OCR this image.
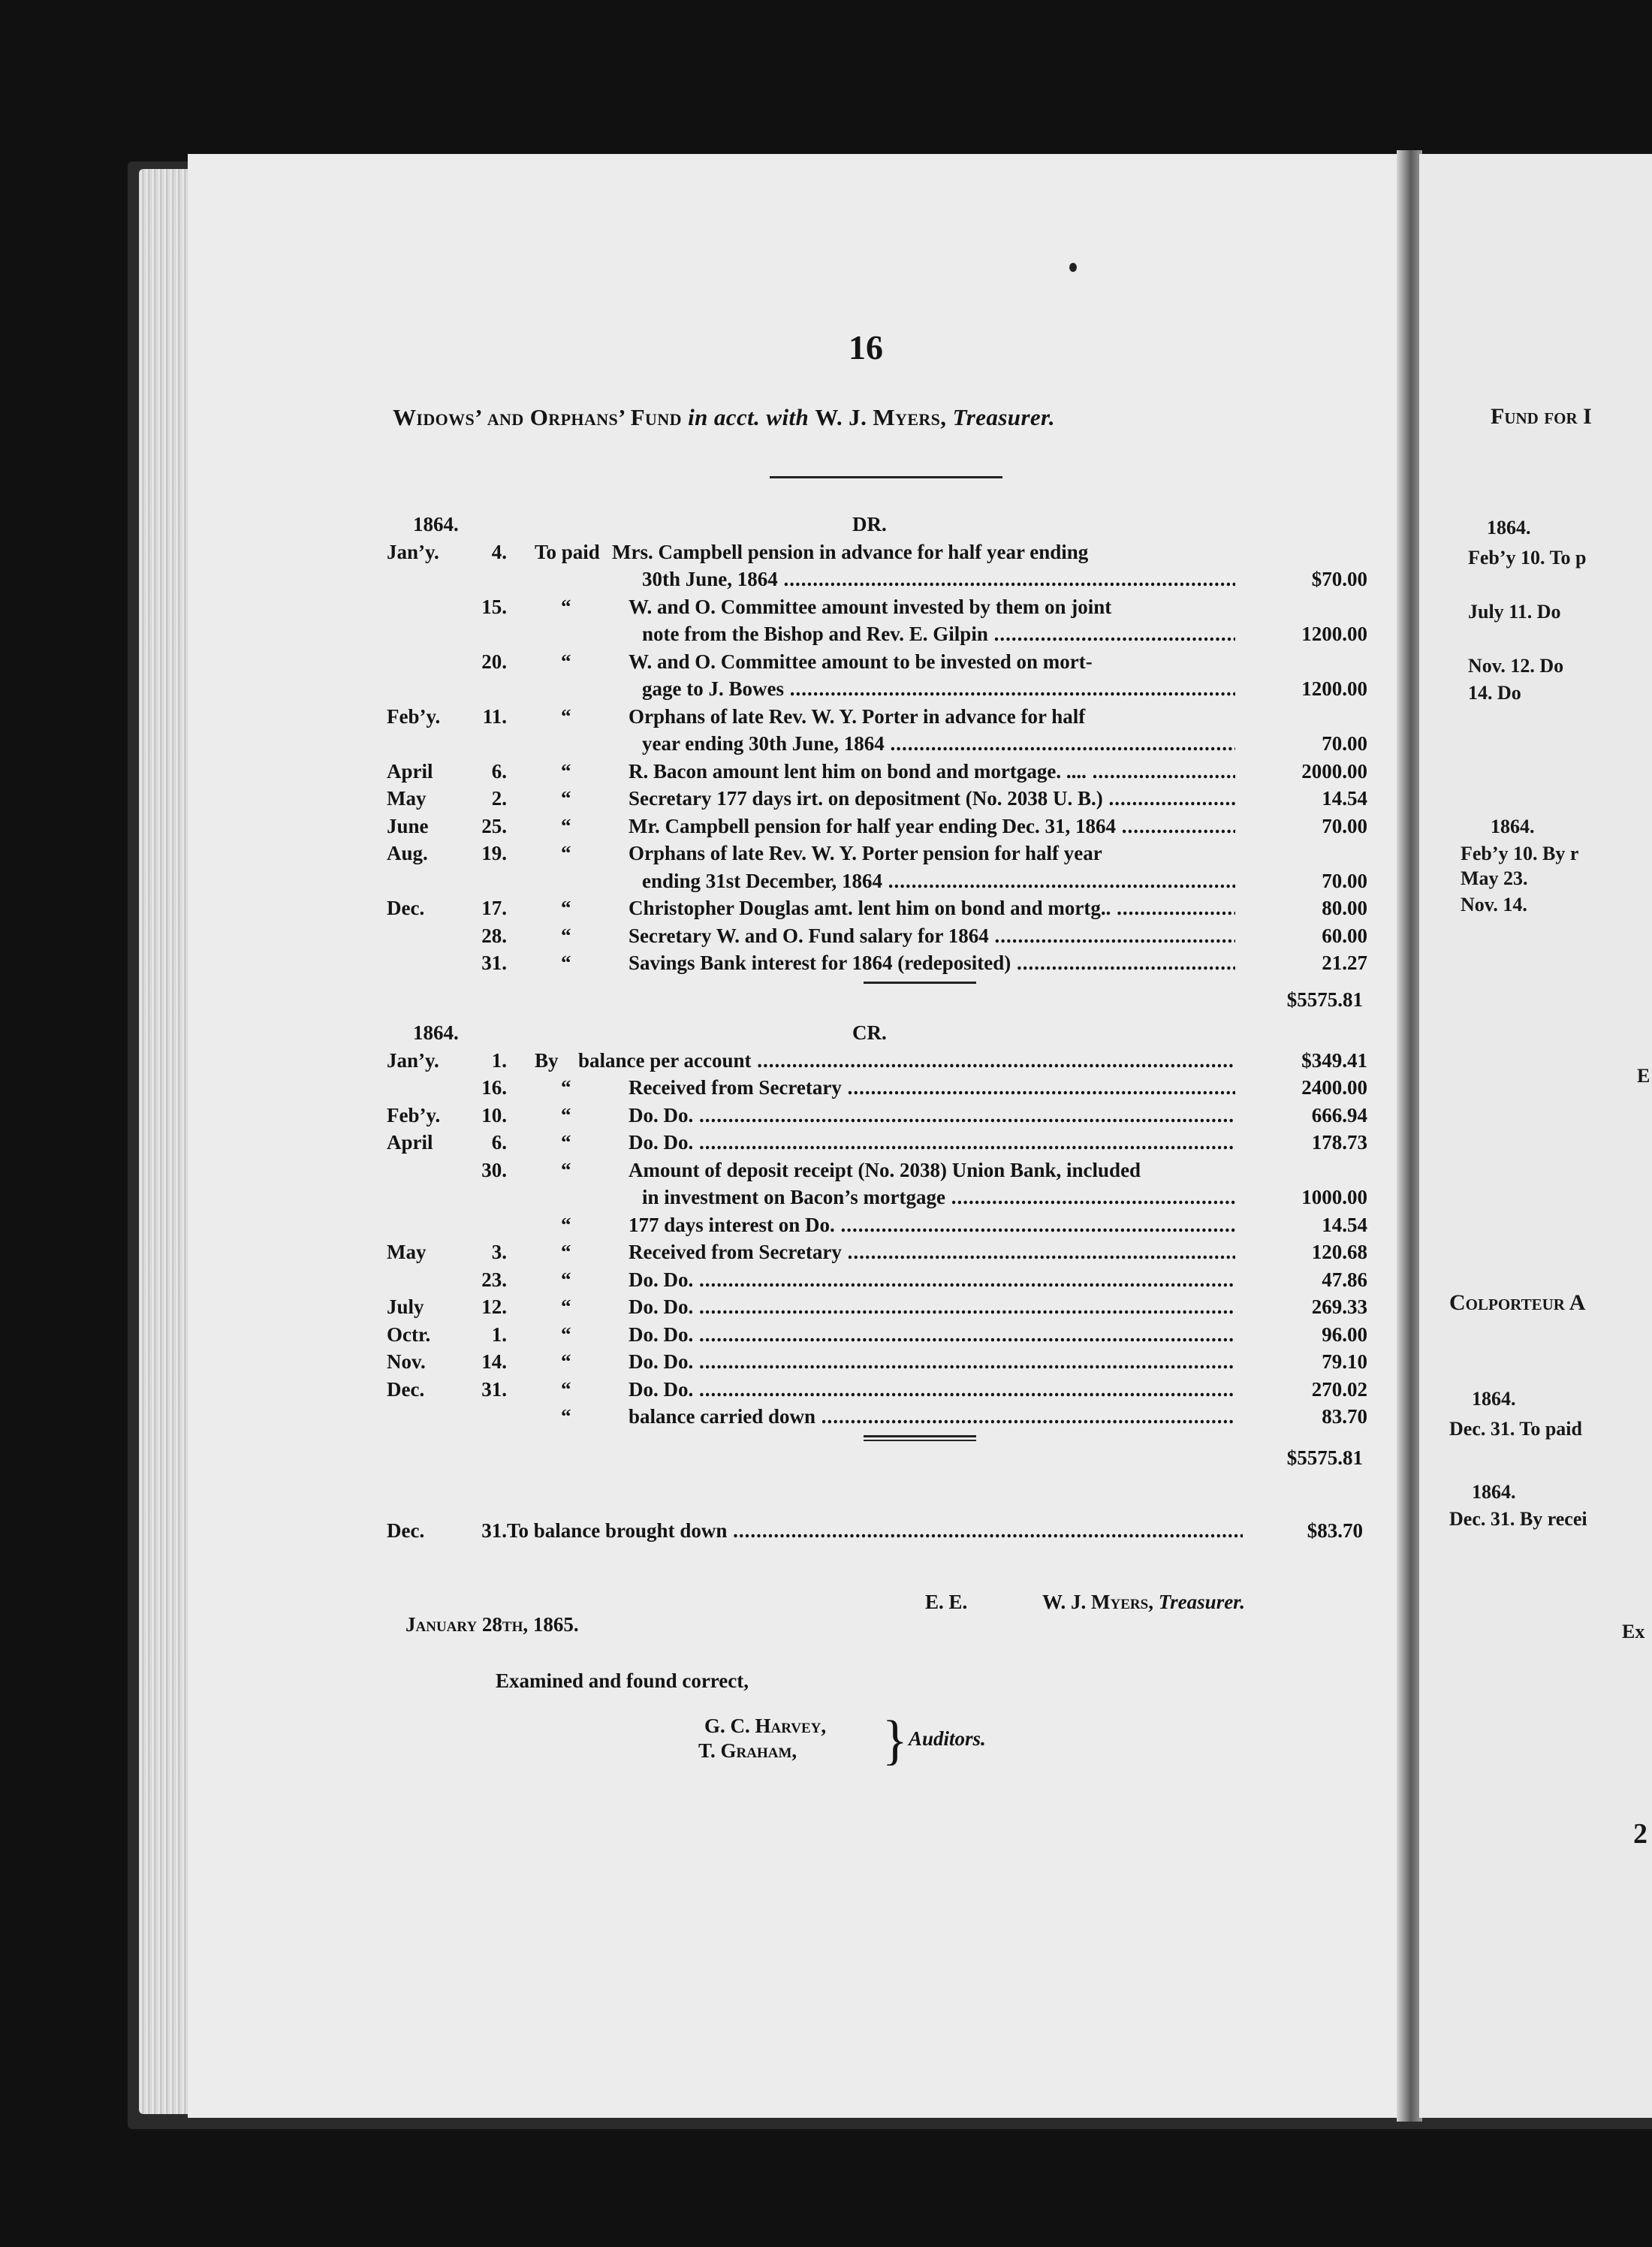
16
Widows’ and Orphans’ Fund in acct. with W. J. Myers, Treasurer.
1864.	DR.
Jan’y.	4. To paid Mrs. Campbell pension in advance for half year ending
30th June, 1864 .....	$70.00
15.	“	W. and O. Committee amount invested by them on joint
note from the Bishop and Rev. E. Gilpin .....	1200.00
20.	“	W. and O. Committee amount to be invested on mort-
gage to J. Bowes .....	1200.00
Feb’y.	11.	“	Orphans of late Rev. W. Y. Porter in advance for half
year ending 30th June, 1864 .....	70.00
April	6.	“	R. Bacon amount lent him on bond and mortgage. .... .....	2000.00
May	2.	“	Secretary 177 days irt. on depositment (No. 2038 U. B.) .....	14.54
June	25.	“	Mr. Campbell pension for half year ending Dec. 31, 1864 .....	70.00
Aug.	19.	“	Orphans of late Rev. W. Y. Porter pension for half year
ending 31st December, 1864 .....	70.00
Dec.	17.	“	Christopher Douglas amt. lent him on bond and mortg.. .....	80.00
28.	“	Secretary W. and O. Fund salary for 1864 .....	60.00
31.	“	Savings Bank interest for 1864 (redeposited) .....	21.27
$5575.81
1864.	CR.
Jan’y.	1. By balance per account .....	$349.41
16.	“	Received from Secretary .....	2400.00
Feb’y.	10.	“	Do. Do. .....	666.94
April	6.	“	Do. Do. .....	178.73
30.	“	Amount of deposit receipt (No. 2038) Union Bank, included
in investment on Bacon’s mortgage .....	1000.00
“	177 days interest on Do. .....	14.54
May	3.	“	Received from Secretary .....	120.68
23.	“	Do. Do. .....	47.86
July	12.	“	Do. Do. .....	269.33
Octr.	1.	“	Do. Do. .....	96.00
Nov.	14.	“	Do. Do. .....	79.10
Dec.	31.	“	Do. Do. .....	270.02
“	balance carried down .....	83.70
$5575.81
Dec.	31. To balance brought down .....	$83.70
January 28th, 1865.
E. E.	W. J. Myers, Treasurer.
Examined and found correct,
G. C. Harvey,
T. Graham, } Auditors.

Fund for I
1864.
Feb’y 10. To p
July 11. Do
Nov. 12. Do
14. Do
1864.
Feb’y 10. By r
May 23.
Nov. 14.
E
Colporteur A
1864.
Dec. 31. To paid
1864.
Dec. 31. By recei
Ex
2
